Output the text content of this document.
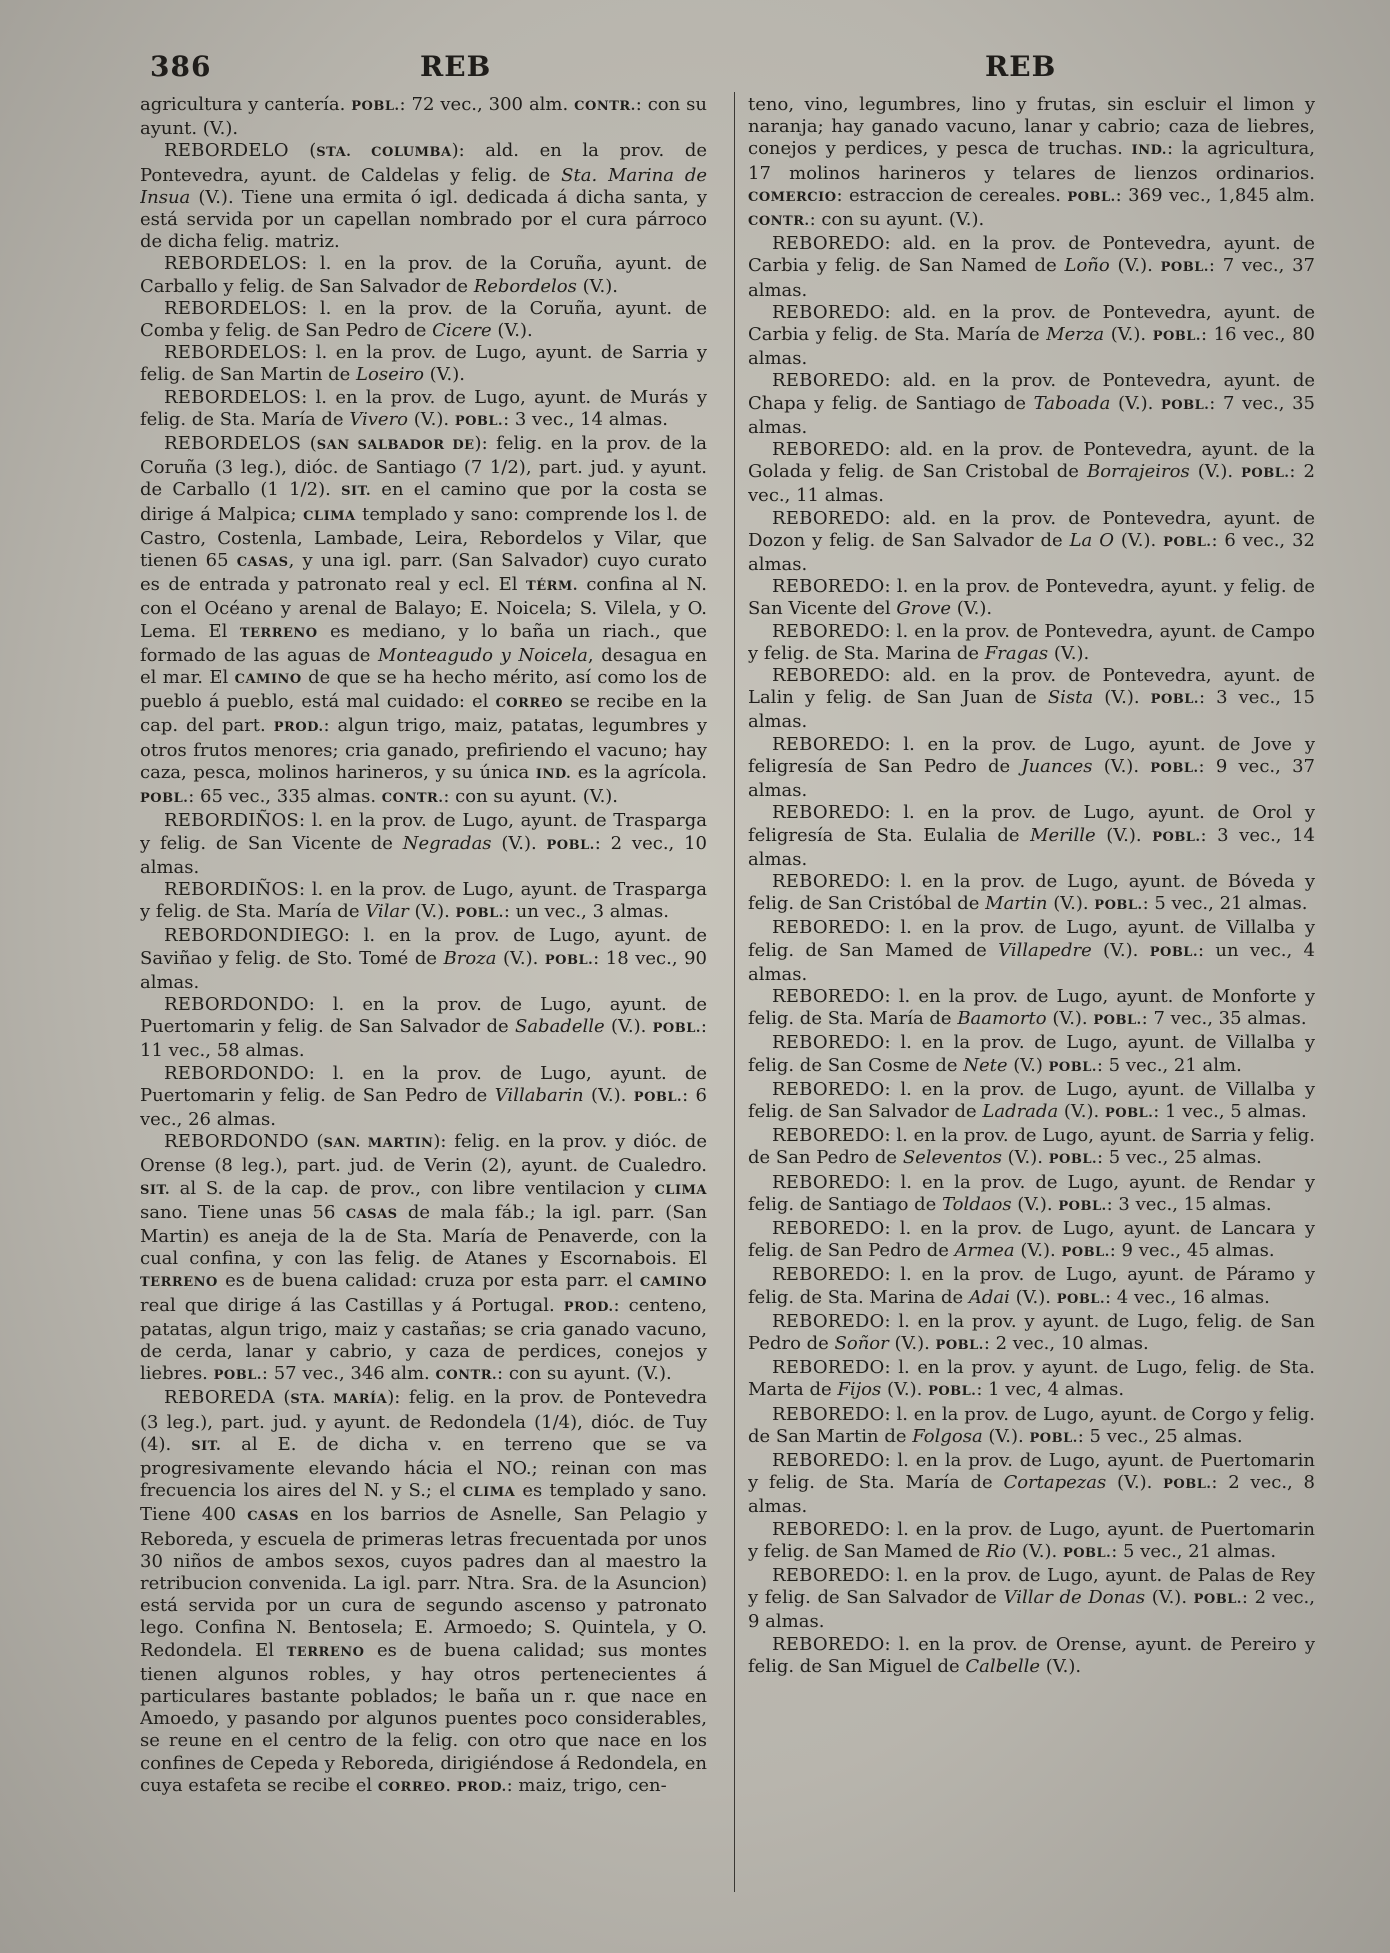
386	REB	REB

agricultura y cantería. POBL.: 72 vec., 300 alm. CONTR.: con su ayunt. (V.).

REBORDELO (STA. COLUMBA): ald. en la prov. de Pontevedra, ayunt. de Caldelas y felig. de Sta. Marina de Insua (V.). Tiene una ermita ó igl. dedicada á dicha santa, y está servida por un capellan nombrado por el cura párroco de dicha felig. matriz.

REBORDELOS: l. en la prov. de la Coruña, ayunt. de Carballo y felig. de San Salvador de Rebordelos (V.).

REBORDELOS: l. en la prov. de la Coruña, ayunt. de Comba y felig. de San Pedro de Cicere (V.).

REBORDELOS: l. en la prov. de Lugo, ayunt. de Sarria y felig. de San Martin de Loseiro (V.).

REBORDELOS: l. en la prov. de Lugo, ayunt. de Murás y felig. de Sta. María de Vivero (V.). POBL.: 3 vec., 14 almas.

REBORDELOS (SAN SALBADOR DE): felig. en la prov. de la Coruña (3 leg.), dióc. de Santiago (7 1/2), part. jud. y ayunt. de Carballo (1 1/2). SIT. en el camino que por la costa se dirige á Malpica; CLIMA templado y sano: comprende los l. de Castro, Costenla, Lambade, Leira, Rebordelos y Vilar, que tienen 65 CASAS, y una igl. parr. (San Salvador) cuyo curato es de entrada y patronato real y ecl. El TÉRM. confina al N. con el Océano y arenal de Balayo; E. Noicela; S. Vilela, y O. Lema. El TERRENO es mediano, y lo baña un riach., que formado de las aguas de Monteagudo y Noicela, desagua en el mar. El CAMINO de que se ha hecho mérito, así como los de pueblo á pueblo, está mal cuidado: el CORREO se recibe en la cap. del part. PROD.: algun trigo, maiz, patatas, legumbres y otros frutos menores; cria ganado, prefiriendo el vacuno; hay caza, pesca, molinos harineros, y su única IND. es la agrícola. POBL.: 65 vec., 335 almas. CONTR.: con su ayunt. (V.).

REBORDIÑOS: l. en la prov. de Lugo, ayunt. de Trasparga y felig. de San Vicente de Negradas (V.). POBL.: 2 vec., 10 almas.

REBORDIÑOS: l. en la prov. de Lugo, ayunt. de Trasparga y felig. de Sta. María de Vilar (V.). POBL.: un vec., 3 almas.

REBORDONDIEGO: l. en la prov. de Lugo, ayunt. de Saviñao y felig. de Sto. Tomé de Broza (V.). POBL.: 18 vec., 90 almas.

REBORDONDO: l. en la prov. de Lugo, ayunt. de Puertomarin y felig. de San Salvador de Sabadelle (V.). POBL.: 11 vec., 58 almas.

REBORDONDO: l. en la prov. de Lugo, ayunt. de Puertomarin y felig. de San Pedro de Villabarin (V.). POBL.: 6 vec., 26 almas.

REBORDONDO (SAN. MARTIN): felig. en la prov. y dióc. de Orense (8 leg.), part. jud. de Verin (2), ayunt. de Cualedro. SIT. al S. de la cap. de prov., con libre ventilacion y CLIMA sano. Tiene unas 56 CASAS de mala fáb.; la igl. parr. (San Martin) es aneja de la de Sta. María de Penaverde, con la cual confina, y con las felig. de Atanes y Escornabois. El TERRENO es de buena calidad: cruza por esta parr. el CAMINO real que dirige á las Castillas y á Portugal. PROD.: centeno, patatas, algun trigo, maiz y castañas; se cria ganado vacuno, de cerda, lanar y cabrio, y caza de perdices, conejos y liebres. POBL.: 57 vec., 346 alm. CONTR.: con su ayunt. (V.).

REBOREDA (STA. MARÍA): felig. en la prov. de Pontevedra (3 leg.), part. jud. y ayunt. de Redondela (1/4), dióc. de Tuy (4). SIT. al E. de dicha v. en terreno que se va progresivamente elevando hácia el NO.; reinan con mas frecuencia los aires del N. y S.; el CLIMA es templado y sano. Tiene 400 CASAS en los barrios de Asnelle, San Pelagio y Reboreda, y escuela de primeras letras frecuentada por unos 30 niños de ambos sexos, cuyos padres dan al maestro la retribucion convenida. La igl. parr. Ntra. Sra. de la Asuncion) está servida por un cura de segundo ascenso y patronato lego. Confina N. Bentosela; E. Armoedo; S. Quintela, y O. Redondela. El TERRENO es de buena calidad; sus montes tienen algunos robles, y hay otros pertenecientes á particulares bastante poblados; le baña un r. que nace en Amoedo, y pasando por algunos puentes poco considerables, se reune en el centro de la felig. con otro que nace en los confines de Cepeda y Reboreda, dirigiéndose á Redondela, en cuya estafeta se recibe el CORREO. PROD.: maiz, trigo, cen-

teno, vino, legumbres, lino y frutas, sin escluir el limon y naranja; hay ganado vacuno, lanar y cabrio; caza de liebres, conejos y perdices, y pesca de truchas. IND.: la agricultura, 17 molinos harineros y telares de lienzos ordinarios. COMERCIO: estraccion de cereales. POBL.: 369 vec., 1,845 alm. CONTR.: con su ayunt. (V.).

REBOREDO: ald. en la prov. de Pontevedra, ayunt. de Carbia y felig. de San Named de Loño (V.). POBL.: 7 vec., 37 almas.

REBOREDO: ald. en la prov. de Pontevedra, ayunt. de Carbia y felig. de Sta. María de Merza (V.). POBL.: 16 vec., 80 almas.

REBOREDO: ald. en la prov. de Pontevedra, ayunt. de Chapa y felig. de Santiago de Taboada (V.). POBL.: 7 vec., 35 almas.

REBOREDO: ald. en la prov. de Pontevedra, ayunt. de la Golada y felig. de San Cristobal de Borrajeiros (V.). POBL.: 2 vec., 11 almas.

REBOREDO: ald. en la prov. de Pontevedra, ayunt. de Dozon y felig. de San Salvador de La O (V.). POBL.: 6 vec., 32 almas.

REBOREDO: l. en la prov. de Pontevedra, ayunt. y felig. de San Vicente del Grove (V.).

REBOREDO: l. en la prov. de Pontevedra, ayunt. de Campo y felig. de Sta. Marina de Fragas (V.).

REBOREDO: ald. en la prov. de Pontevedra, ayunt. de Lalin y felig. de San Juan de Sista (V.). POBL.: 3 vec., 15 almas.

REBOREDO: l. en la prov. de Lugo, ayunt. de Jove y feligresía de San Pedro de Juances (V.). POBL.: 9 vec., 37 almas.

REBOREDO: l. en la prov. de Lugo, ayunt. de Orol y feligresía de Sta. Eulalia de Merille (V.). POBL.: 3 vec., 14 almas.

REBOREDO: l. en la prov. de Lugo, ayunt. de Bóveda y felig. de San Cristóbal de Martin (V.). POBL.: 5 vec., 21 almas.

REBOREDO: l. en la prov. de Lugo, ayunt. de Villalba y felig. de San Mamed de Villapedre (V.). POBL.: un vec., 4 almas.

REBOREDO: l. en la prov. de Lugo, ayunt. de Monforte y felig. de Sta. María de Baamorto (V.). POBL.: 7 vec., 35 almas.

REBOREDO: l. en la prov. de Lugo, ayunt. de Villalba y felig. de San Cosme de Nete (V.) POBL.: 5 vec., 21 alm.

REBOREDO: l. en la prov. de Lugo, ayunt. de Villalba y felig. de San Salvador de Ladrada (V.). POBL.: 1 vec., 5 almas.

REBOREDO: l. en la prov. de Lugo, ayunt. de Sarria y felig. de San Pedro de Seleventos (V.). POBL.: 5 vec., 25 almas.

REBOREDO: l. en la prov. de Lugo, ayunt. de Rendar y felig. de Santiago de Toldaos (V.). POBL.: 3 vec., 15 almas.

REBOREDO: l. en la prov. de Lugo, ayunt. de Lancara y felig. de San Pedro de Armea (V.). POBL.: 9 vec., 45 almas.

REBOREDO: l. en la prov. de Lugo, ayunt. de Páramo y felig. de Sta. Marina de Adai (V.). POBL.: 4 vec., 16 almas.

REBOREDO: l. en la prov. y ayunt. de Lugo, felig. de San Pedro de Soñor (V.). POBL.: 2 vec., 10 almas.

REBOREDO: l. en la prov. y ayunt. de Lugo, felig. de Sta. Marta de Fijos (V.). POBL.: 1 vec, 4 almas.

REBOREDO: l. en la prov. de Lugo, ayunt. de Corgo y felig. de San Martin de Folgosa (V.). POBL.: 5 vec., 25 almas.

REBOREDO: l. en la prov. de Lugo, ayunt. de Puertomarin y felig. de Sta. María de Cortapezas (V.). POBL.: 2 vec., 8 almas.

REBOREDO: l. en la prov. de Lugo, ayunt. de Puertomarin y felig. de San Mamed de Rio (V.). POBL.: 5 vec., 21 almas.

REBOREDO: l. en la prov. de Lugo, ayunt. de Palas de Rey y felig. de San Salvador de Villar de Donas (V.). POBL.: 2 vec., 9 almas.

REBOREDO: l. en la prov. de Orense, ayunt. de Pereiro y felig. de San Miguel de Calbelle (V.).
